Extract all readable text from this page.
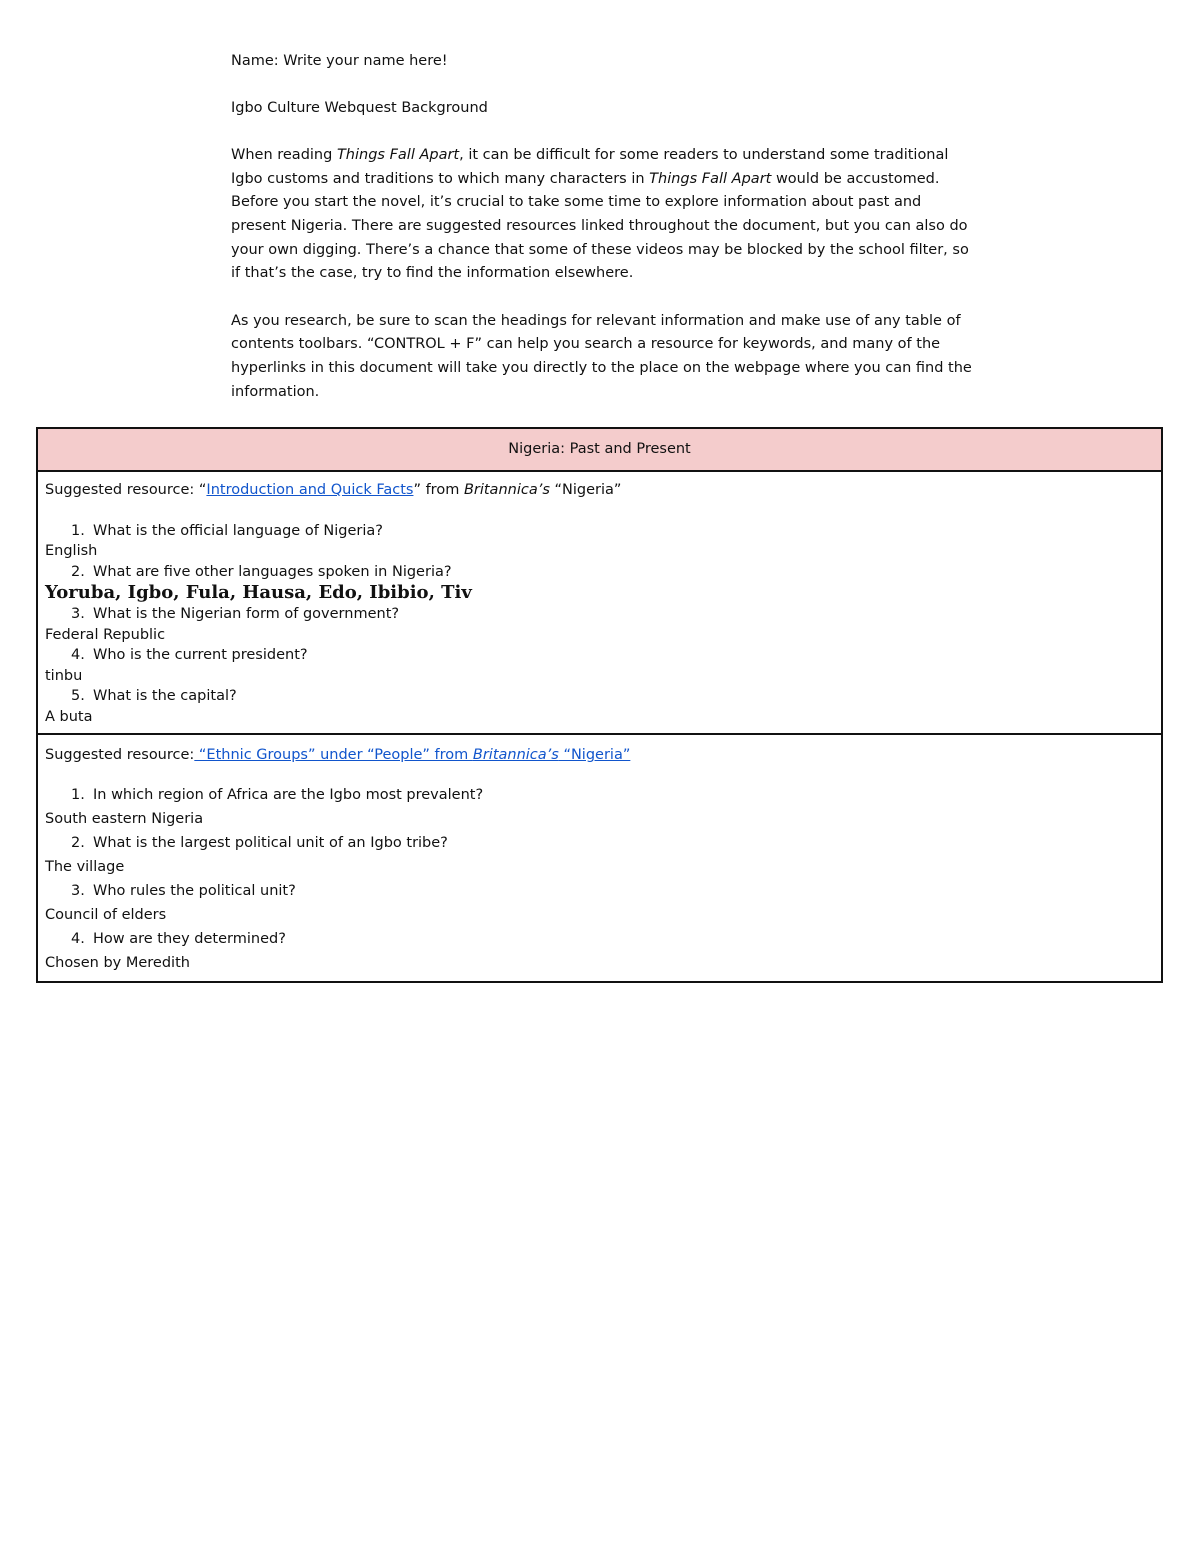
Name: Write your name here!

Igbo Culture Webquest Background

When reading Things Fall Apart, it can be difficult for some readers to understand some traditional Igbo customs and traditions to which many characters in Things Fall Apart would be accustomed. Before you start the novel, it’s crucial to take some time to explore information about past and present Nigeria. There are suggested resources linked throughout the document, but you can also do your own digging. There’s a chance that some of these videos may be blocked by the school filter, so if that’s the case, try to find the information elsewhere.

As you research, be sure to scan the headings for relevant information and make use of any table of contents toolbars. “CONTROL + F” can help you search a resource for keywords, and many of the hyperlinks in this document will take you directly to the place on the webpage where you can find the information.

Nigeria: Past and Present

Suggested resource: “Introduction and Quick Facts” from Britannica’s “Nigeria”

1. What is the official language of Nigeria?

English

2. What are five other languages spoken in Nigeria?

Yoruba, Igbo, Fula, Hausa, Edo, Ibibio, Tiv

3. What is the Nigerian form of government?

Federal Republic

4. Who is the current president?

tinbu

5. What is the capital?

A buta

Suggested resource: “Ethnic Groups” under “People” from Britannica’s “Nigeria”

1. In which region of Africa are the Igbo most prevalent?

South eastern Nigeria

2. What is the largest political unit of an Igbo tribe?

The village

3. Who rules the political unit?

Council of elders

4. How are they determined?

Chosen by Meredith
